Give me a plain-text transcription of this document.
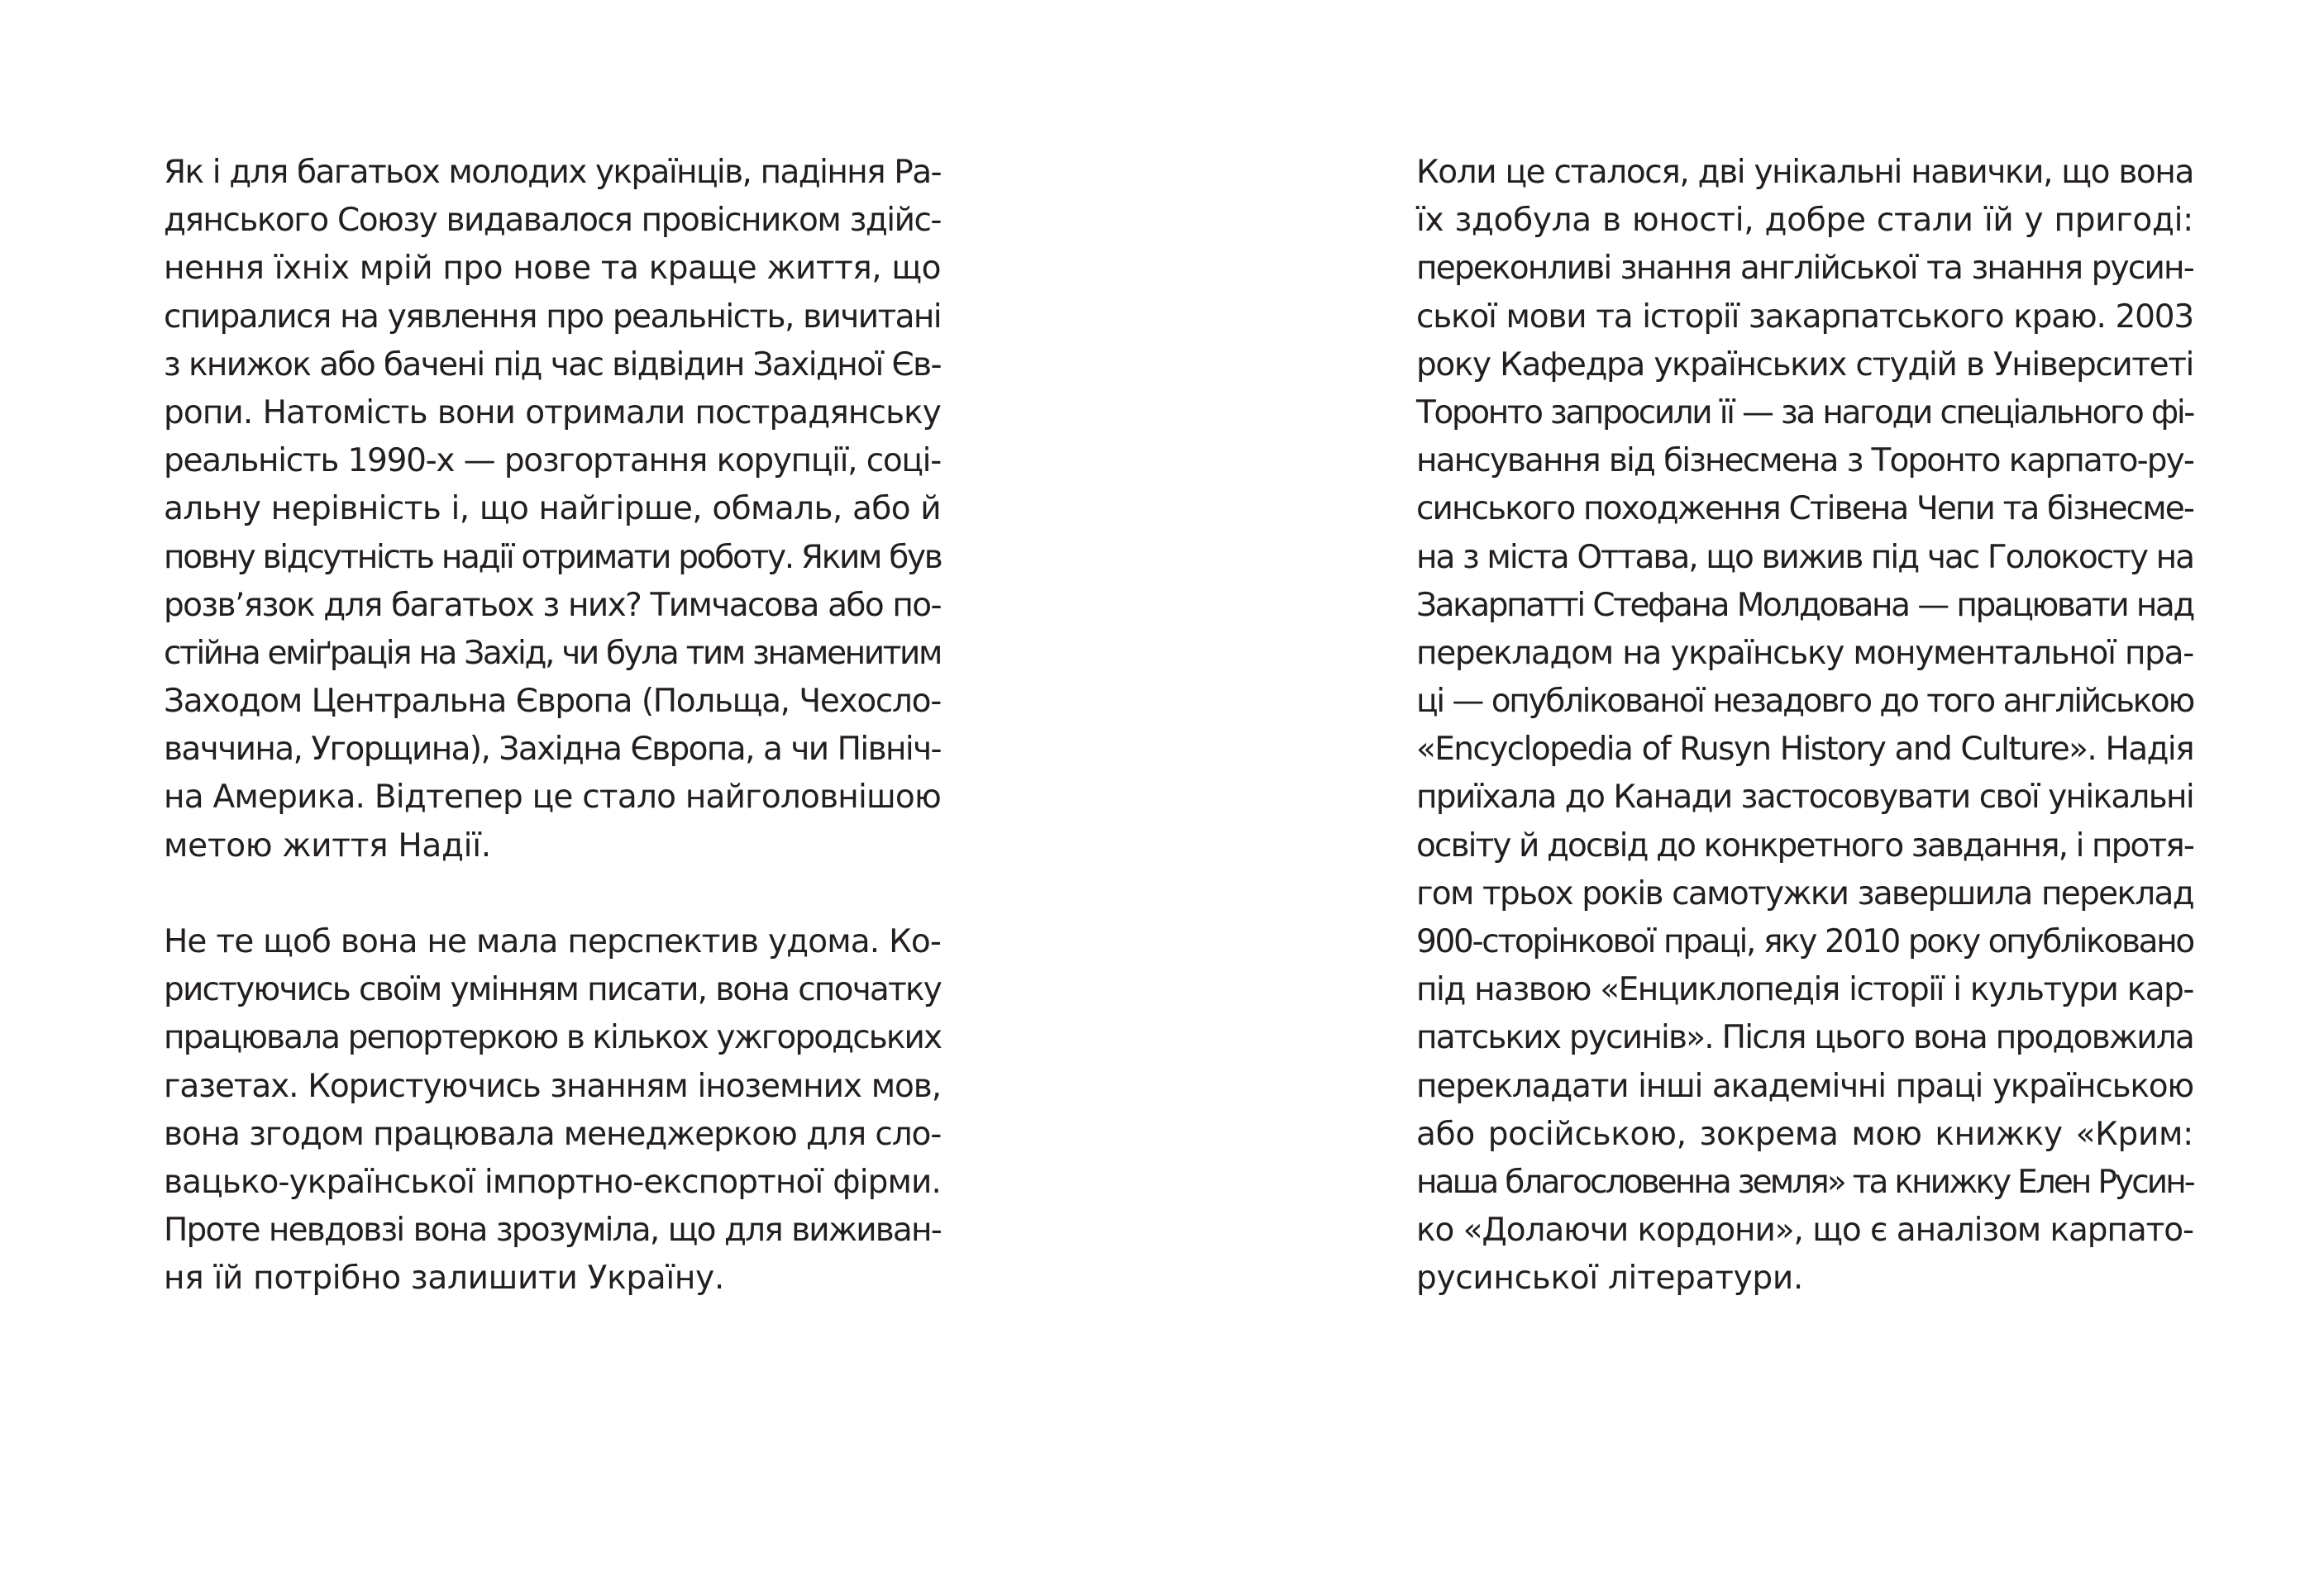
Як і для багатьох молодих українців, падіння Ра-
дянського Союзу видавалося провісником здійс-
нення їхніх мрій про нове та краще життя, що
спиралися на уявлення про реальність, вичитані
з книжок або бачені під час відвідин Західної Єв-
ропи. Натомість вони отримали пострадянську
реальність 1990-х — розгортання корупції, соці-
альну нерівність і, що найгірше, обмаль, або й
повну відсутність надії отримати роботу. Яким був
розв’язок для багатьох з них? Тимчасова або по-
стійна еміґрація на Захід, чи була тим знаменитим
Заходом Центральна Європа (Польща, Чехосло-
ваччина, Угорщина), Західна Європа, а чи Північ-
на Америка. Відтепер це стало найголовнішою
метою життя Надії.
Не те щоб вона не мала перспектив удома. Ко-
ристуючись своїм умінням писати, вона спочатку
працювала репортеркою в кількох ужгородських
газетах. Користуючись знанням іноземних мов,
вона згодом працювала менеджеркою для сло-
вацько-української імпортно-експортної фірми.
Проте невдовзі вона зрозуміла, що для виживан-
ня їй потрібно залишити Україну.
Коли це сталося, дві унікальні навички, що вона
їх здобула в юності, добре стали їй у пригоді:
переконливі знання англійської та знання русин-
ської мови та історії закарпатського краю. 2003
року Кафедра українських студій в Університеті
Торонто запросили її — за нагоди спеціального фі-
нансування від бізнесмена з Торонто карпато-ру-
синського походження Стівена Чепи та бізнесме-
на з міста Оттава, що вижив під час Голокосту на
Закарпатті Стефана Молдована — працювати над
перекладом на українську монументальної пра-
ці — опублікованої незадовго до того англійською
«Encyclopedia of Rusyn History and Culture». Надія
приїхала до Канади застосовувати свої унікальні
освіту й досвід до конкретного завдання, і протя-
гом трьох років самотужки завершила переклад
900-сторінкової праці, яку 2010 року опубліковано
під назвою «Енциклопедія історії і культури кар-
патських русинів». Після цього вона продовжила
перекладати інші академічні праці українською
або російською, зокрема мою книжку «Крим:
наша благословенна земля» та книжку Елен Русин-
ко «Долаючи кордони», що є аналізом карпато-
русинської літератури.
